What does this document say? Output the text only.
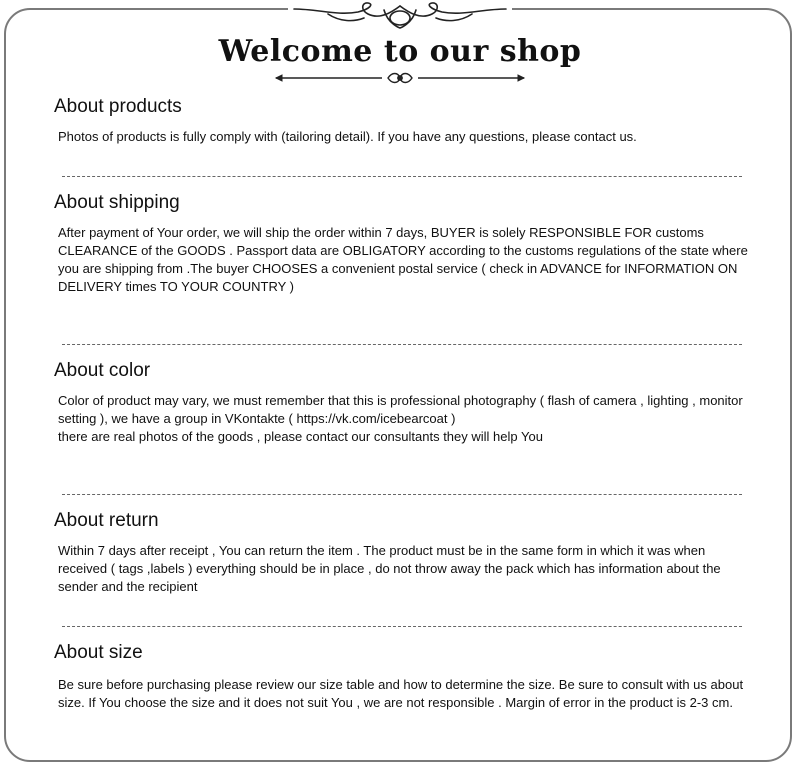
Welcome to our shop
About products

Photos of products is fully comply with (tailoring detail). If you have any questions, please contact us.

About shipping

After payment of Your order, we will ship the order within 7 days, BUYER is solely RESPONSIBLE FOR customs
CLEARANCE of the GOODS . Passport data are OBLIGATORY according to the customs regulations of the state where
you are shipping from .The buyer CHOOSES a convenient postal service ( check in ADVANCE for INFORMATION ON
DELIVERY times TO YOUR COUNTRY )

About color

Color of product may vary, we must remember that this is professional photography ( flash of camera , lighting , monitor
setting ), we have a group in VKontakte ( https://vk.com/icebearcoat )
there are real photos of the goods , please contact our consultants they will help You

About return

Within 7 days after receipt , You can return the item . The product must be in the same form in which it was when
received ( tags ,labels ) everything should be in place , do not throw away the pack which has information about the
sender and the recipient

About size

Be sure before purchasing please review our size table and how to determine the size. Be sure to consult with us about
size. If You choose the size and it does not suit You , we are not responsible . Margin of error in the product is 2-3 cm.
